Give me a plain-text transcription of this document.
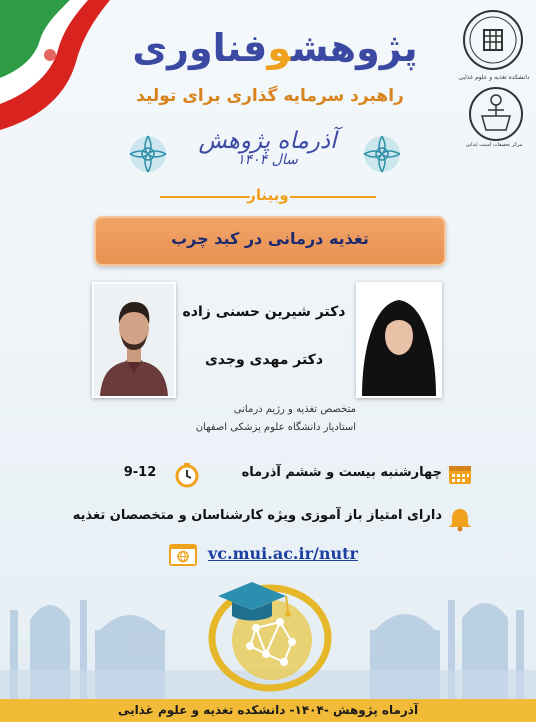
دانشکده تغذیه و علوم غذایی
مرکز تحقیقات امنیت غذایی
پژوهشوفناوری
راهبرد سرمایه گذاری برای تولید
آذرماه پژوهش
سال ۱۴۰۴
وبینار
تغذیه درمانی در کبد چرب
دکتر شیرین حسنی زاده
دکتر مهدی وجدی
متخصص تغذیه و رژیم درمانی
استادیار دانشگاه علوم پزشکی اصفهان
چهارشنبه بیست و ششم آذرماه
9-12
دارای امتیاز باز آموزی ویژه کارشناسان و متخصصان تغذیه
vc.mui.ac.ir/nutr
آذرماه پژوهش -۱۴۰۴- دانشکده تغذیه و علوم غذایی
